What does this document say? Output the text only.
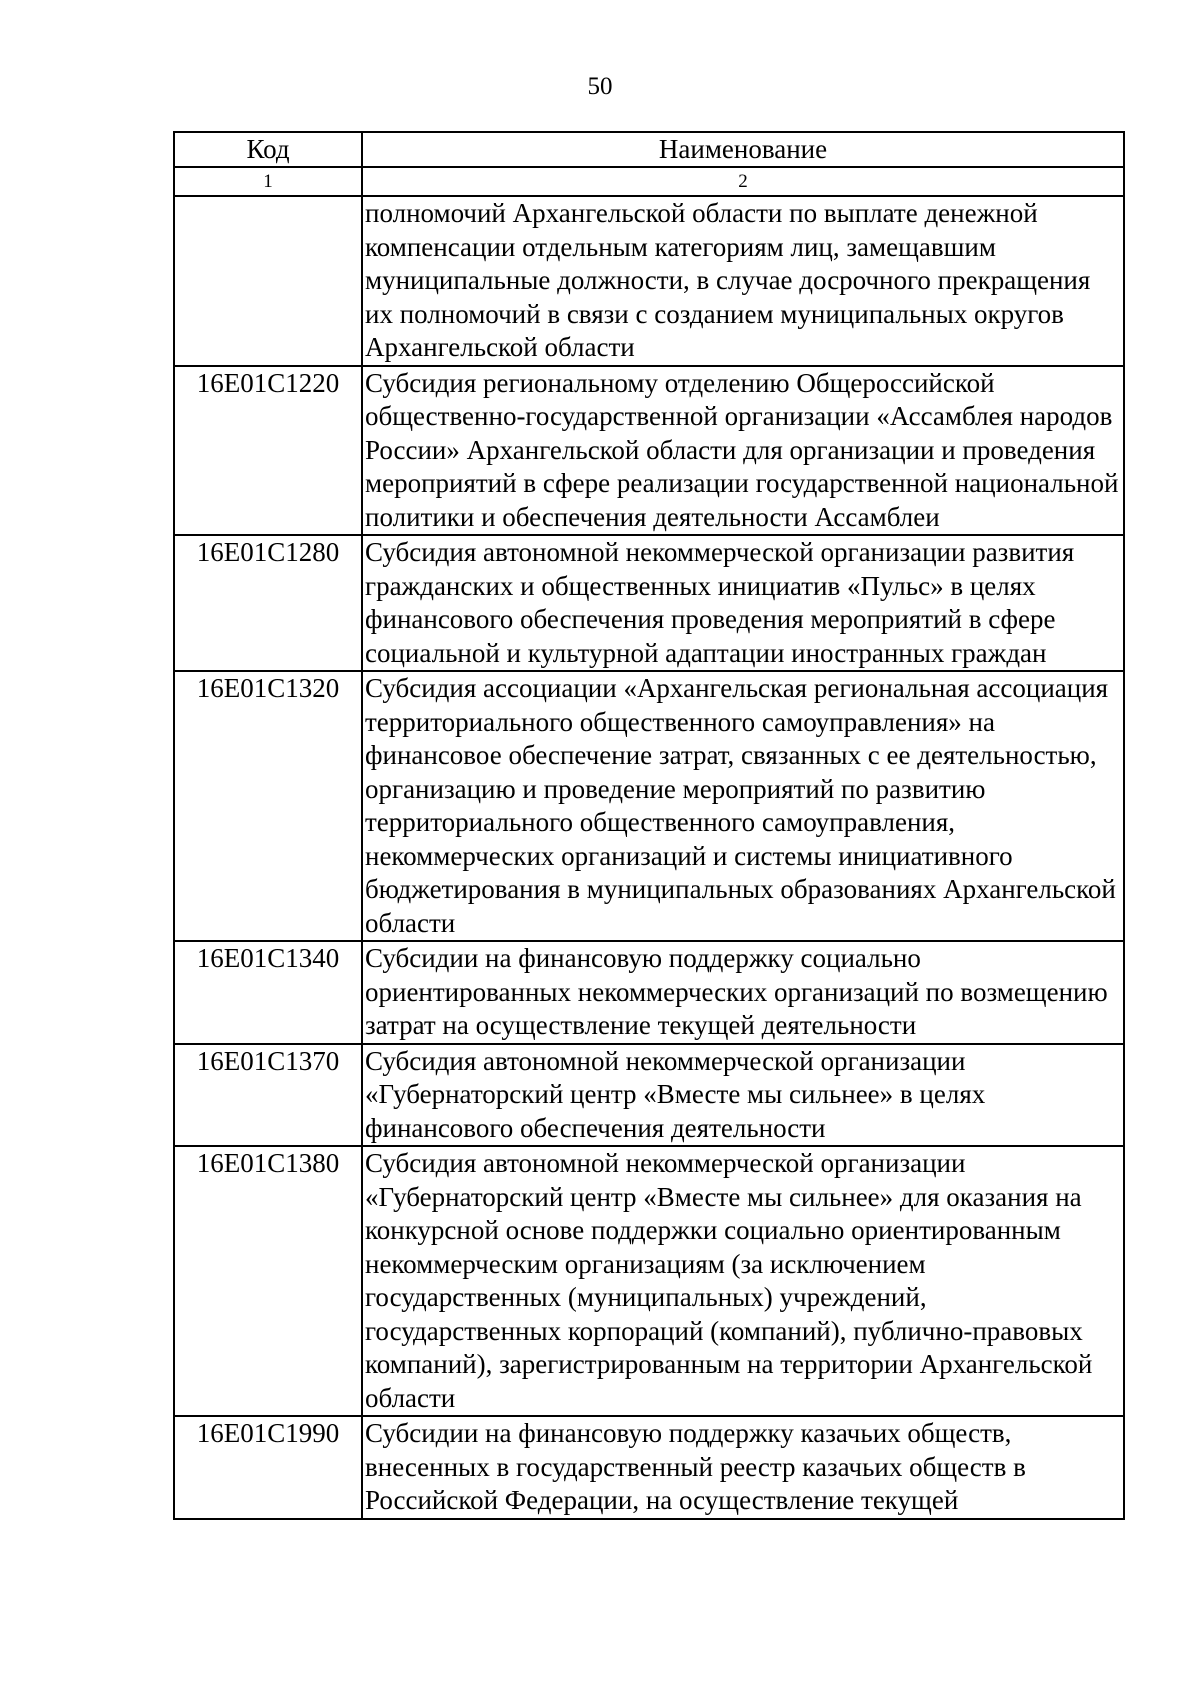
50
Код	Наименование
1	2
	полномочий Архангельской области по выплате денежной компенсации отдельным категориям лиц, замещавшим муниципальные должности, в случае досрочного прекращения их полномочий в связи с созданием муниципальных округов Архангельской области
16Е01С1220	Субсидия региональному отделению Общероссийской общественно-государственной организации «Ассамблея народов России» Архангельской области для организации и проведения мероприятий в сфере реализации государственной национальной политики и обеспечения деятельности Ассамблеи
16Е01С1280	Субсидия автономной некоммерческой организации развития гражданских и общественных инициатив «Пульс» в целях финансового обеспечения проведения мероприятий в сфере социальной и культурной адаптации иностранных граждан
16Е01С1320	Субсидия ассоциации «Архангельская региональная ассоциация территориального общественного самоуправления» на финансовое обеспечение затрат, связанных с ее деятельностью, организацию и проведение мероприятий по развитию территориального общественного самоуправления, некоммерческих организаций и системы инициативного бюджетирования в муниципальных образованиях Архангельской области
16Е01С1340	Субсидии на финансовую поддержку социально ориентированных некоммерческих организаций по возмещению затрат на осуществление текущей деятельности
16Е01С1370	Субсидия автономной некоммерческой организации «Губернаторский центр «Вместе мы сильнее» в целях финансового обеспечения деятельности
16Е01С1380	Субсидия автономной некоммерческой организации «Губернаторский центр «Вместе мы сильнее» для оказания на конкурсной основе поддержки социально ориентированным некоммерческим организациям (за исключением государственных (муниципальных) учреждений, государственных корпораций (компаний), публично-правовых компаний), зарегистрированным на территории Архангельской области
16Е01С1990	Субсидии на финансовую поддержку казачьих обществ, внесенных в государственный реестр казачьих обществ в Российской Федерации, на осуществление текущей
